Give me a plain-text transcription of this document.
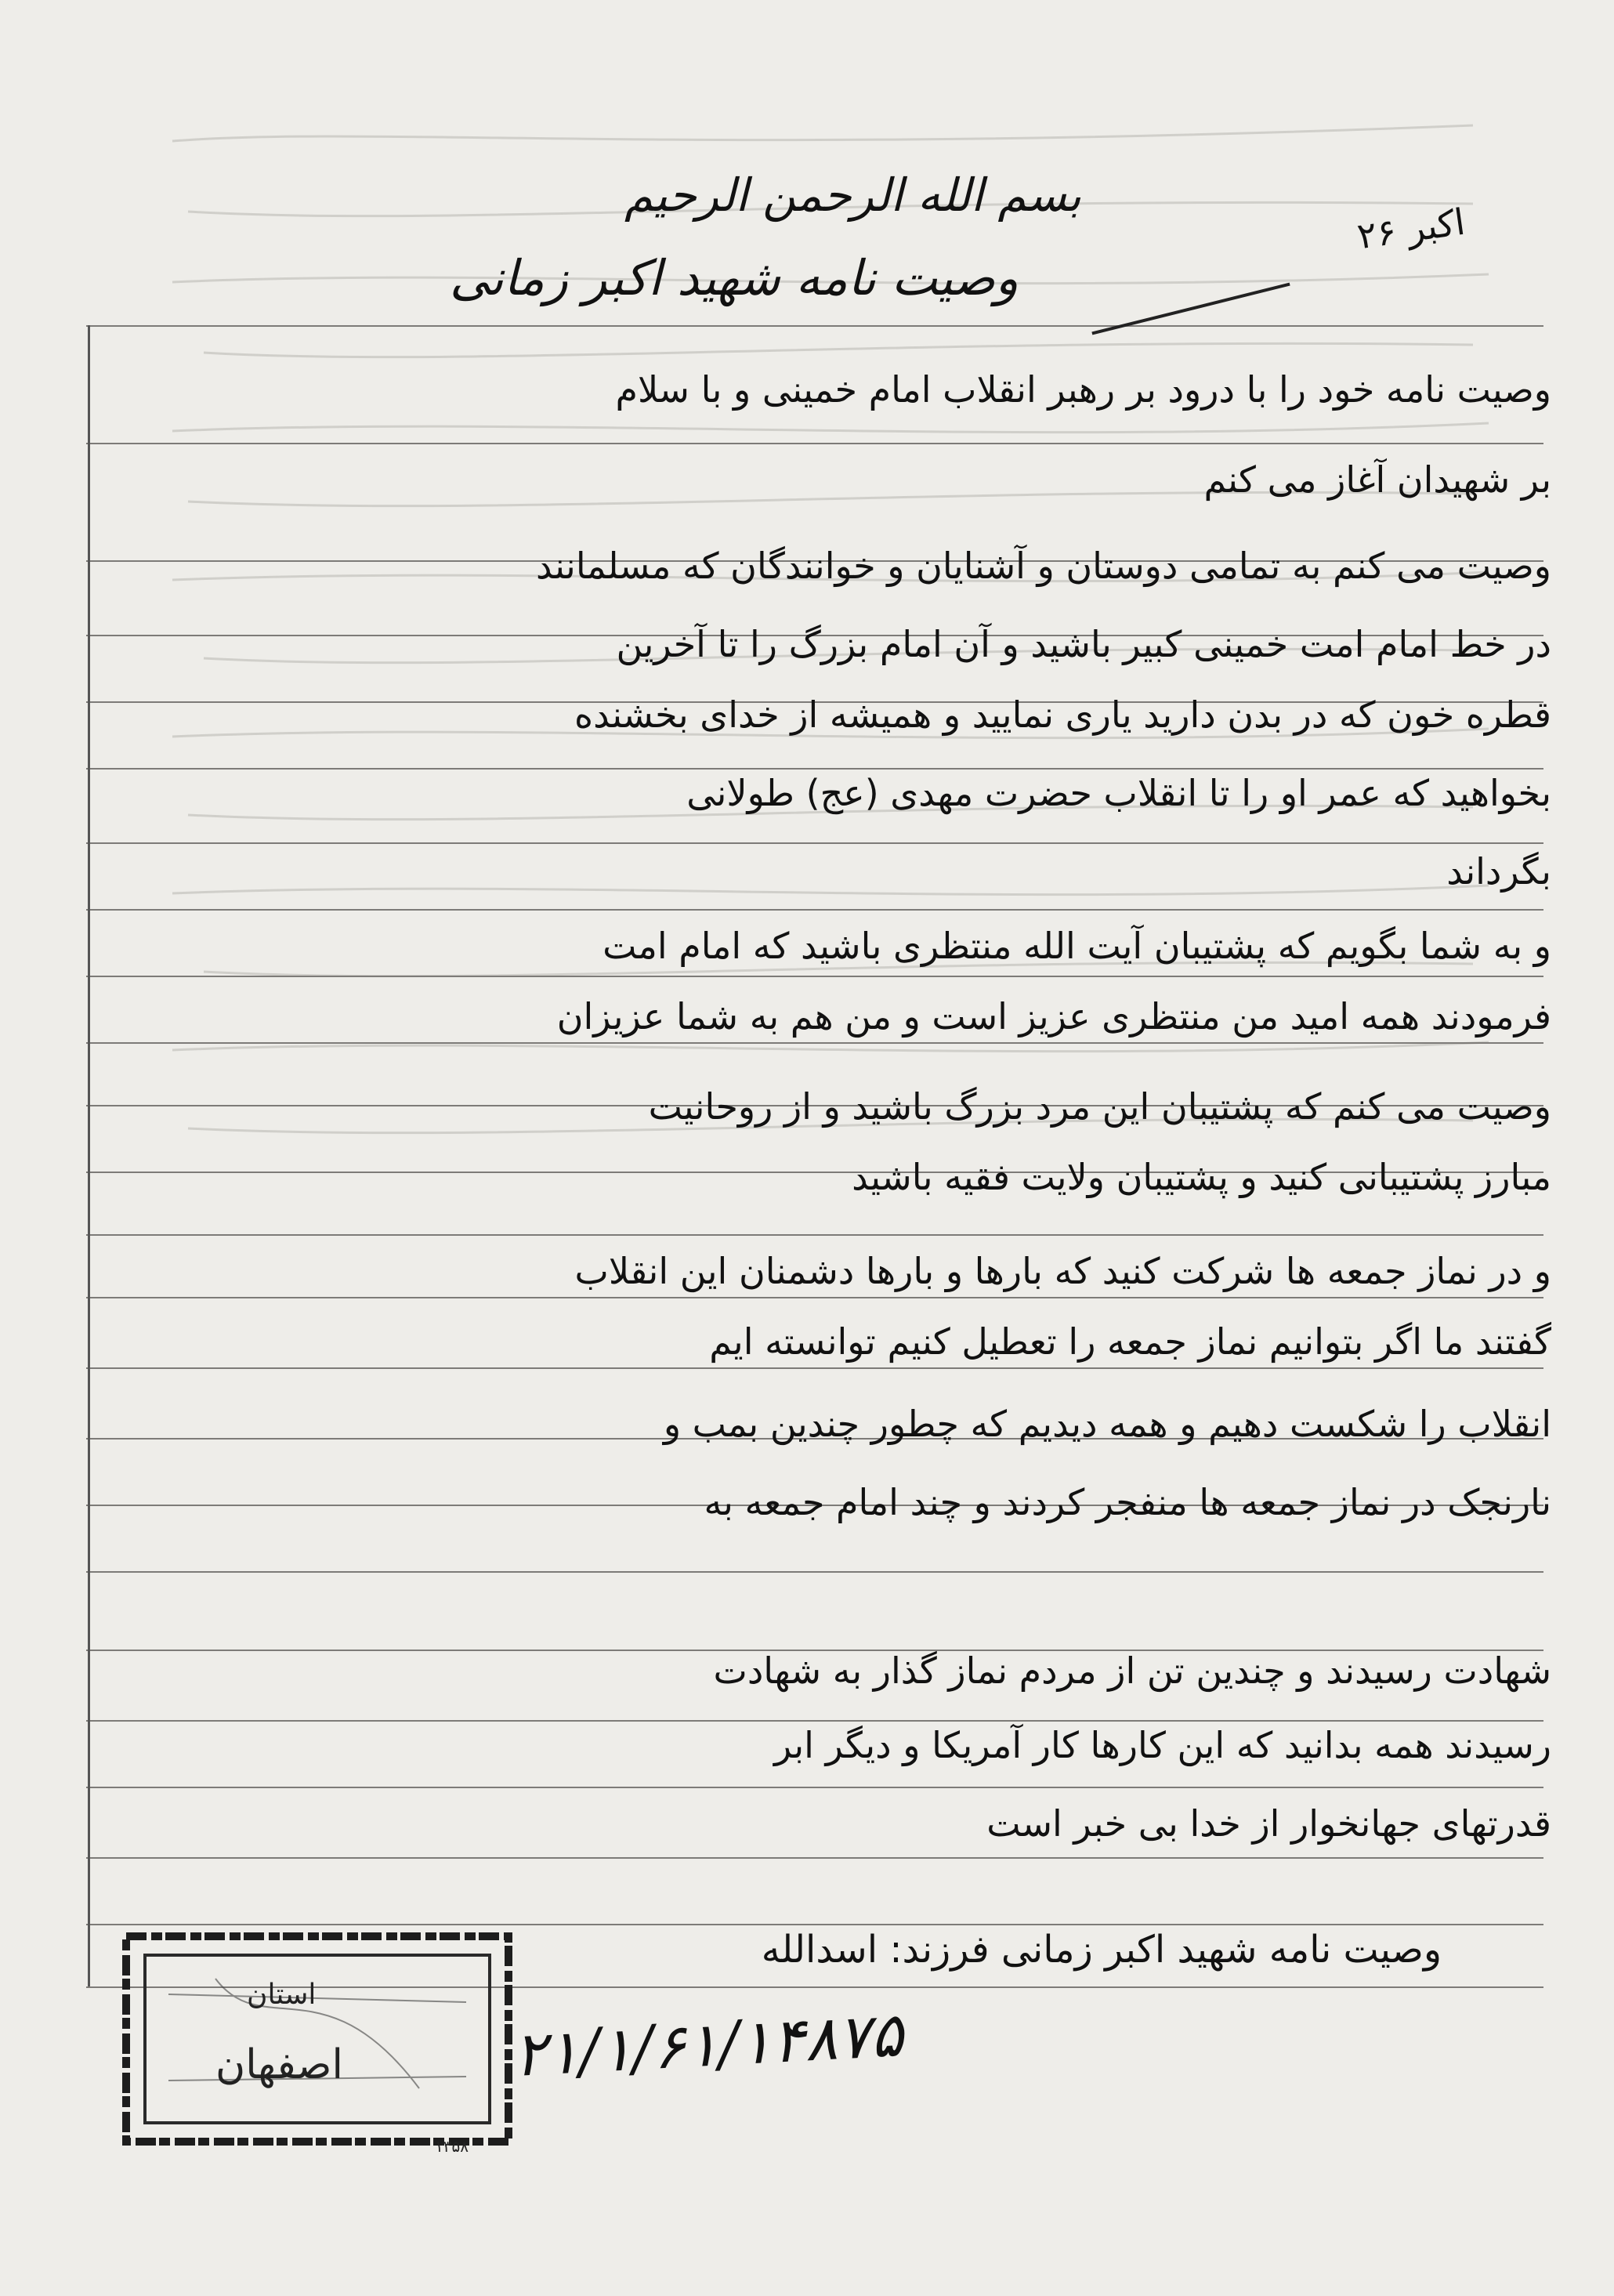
بسم الله الرحمن الرحیم
اکبر ۲۶
وصیت نامه شهید اکبر زمانی
وصیت نامه خود را با درود بر رهبر انقلاب امام خمینی و با سلام
بر شهیدان آغاز می کنم
وصیت می کنم به تمامی دوستان و آشنایان و خوانندگان که مسلمانند
در خط امام امت خمینی کبیر باشید و آن امام بزرگ را تا آخرین
قطره خون که در بدن دارید یاری نمایید و همیشه از خدای بخشنده
بخواهید که عمر او را تا انقلاب حضرت مهدی (عج) طولانی
بگرداند
و به شما بگویم که پشتیبان آیت الله منتظری باشید که امام امت
فرمودند همه امید من منتظری عزیز است و من هم به شما عزیزان
وصیت می کنم که پشتیبان این مرد بزرگ باشید و از روحانیت
مبارز پشتیبانی کنید و پشتیبان ولایت فقیه باشید
و در نماز جمعه ها شرکت کنید که بارها و بارها دشمنان این انقلاب
گفتند ما اگر بتوانیم نماز جمعه را تعطیل کنیم توانسته ایم
انقلاب را شکست دهیم و همه دیدیم که چطور چندین بمب و
نارنجک در نماز جمعه ها منفجر کردند و چند امام جمعه به
شهادت رسیدند و چندین تن از مردم نماز گذار به شهادت
رسیدند همه بدانید که این کارها کار آمریکا و دیگر ابر
قدرتهای جهانخوار از خدا بی خبر است
وصیت نامه شهید اکبر زمانی فرزند: اسدالله
۲۱/۱/۶۱/۱۴۸۷۵
استان
اصفهان
۱۳۵۸
